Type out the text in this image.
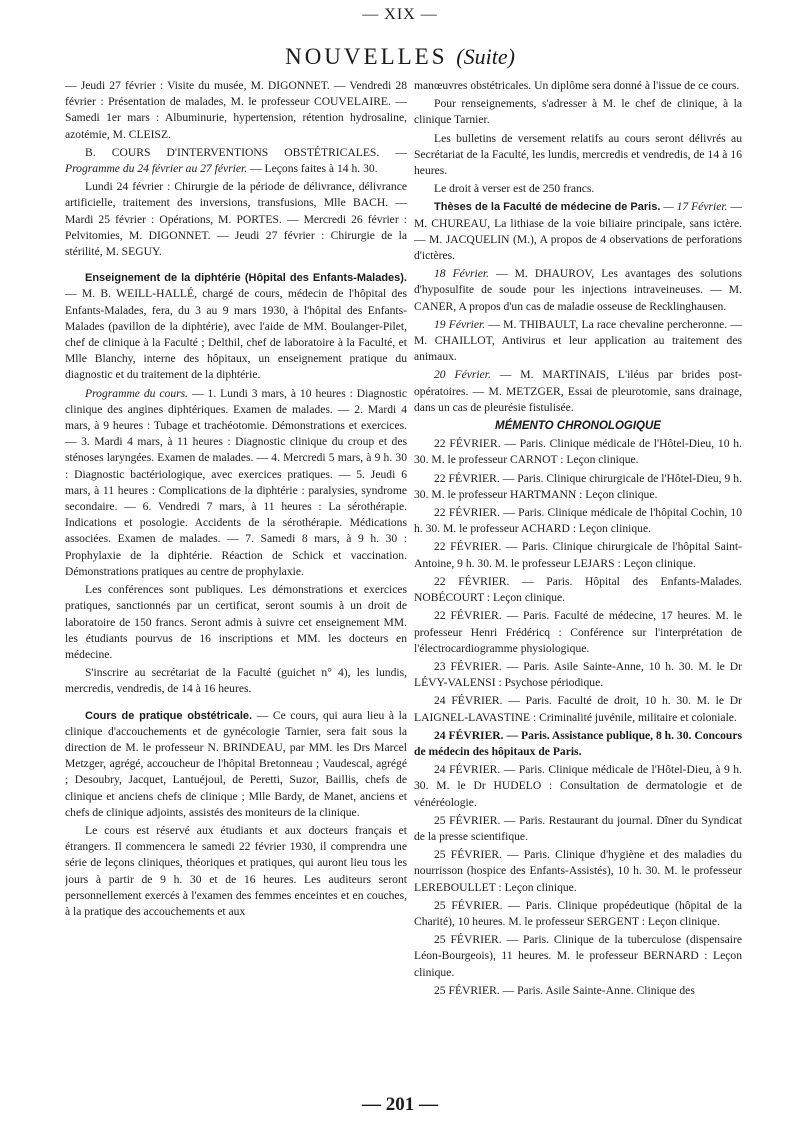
— XIX —
NOUVELLES (Suite)

— Jeudi 27 février : Visite du musée, M. DIGONNET. — Vendredi 28 février : Présentation de malades, M. le professeur COUVELAIRE. — Samedi 1er mars : Albuminurie, hypertension, rétention hydrosaline, azotémie, M. CLEISZ.

B. COURS D'INTERVENTIONS OBSTÉTRICALES. — Programme du 24 février au 27 février. — Leçons faites à 14 h. 30.

Lundi 24 février : Chirurgie de la période de délivrance, délivrance artificielle, traitement des inversions, transfusions, Mlle BACH. — Mardi 25 février : Opérations, M. PORTES. — Mercredi 26 février : Pelvitomies, M. DIGONNET. — Jeudi 27 février : Chirurgie de la stérilité, M. SEGUY.

Enseignement de la diphtérie (Hôpital des Enfants-Malades). — M. B. WEILL-HALLÉ, chargé de cours, médecin de l'hôpital des Enfants-Malades, fera, du 3 au 9 mars 1930, à l'hôpital des Enfants-Malades (pavillon de la diphtérie), avec l'aide de MM. Boulanger-Pilet, chef de clinique à la Faculté ; Delthil, chef de laboratoire à la Faculté, et Mlle Blanchy, interne des hôpitaux, un enseignement pratique du diagnostic et du traitement de la diphtérie.

Programme du cours. — 1. Lundi 3 mars, à 10 heures : Diagnostic clinique des angines diphtériques. Examen de malades. — 2. Mardi 4 mars, à 9 heures : Tubage et trachéotomie. Démonstrations et exercices. — 3. Mardi 4 mars, à 11 heures : Diagnostic clinique du croup et des sténoses laryngées. Examen de malades. — 4. Mercredi 5 mars, à 9 h. 30 : Diagnostic bactériologique, avec exercices pratiques. — 5. Jeudi 6 mars, à 11 heures : Complications de la diphtérie : paralysies, syndrome secondaire. — 6. Vendredi 7 mars, à 11 heures : La sérothérapie. Indications et posologie. Accidents de la sérothérapie. Médications associées. Examen de malades. — 7. Samedi 8 mars, à 9 h. 30 : Prophylaxie de la diphtérie. Réaction de Schick et vaccination. Démonstrations pratiques au centre de prophylaxie.

Les conférences sont publiques. Les démonstrations et exercices pratiques, sanctionnés par un certificat, seront soumis à un droit de laboratoire de 150 francs. Seront admis à suivre cet enseignement MM. les étudiants pourvus de 16 inscriptions et MM. les docteurs en médecine.

S'inscrire au secrétariat de la Faculté (guichet n° 4), les lundis, mercredis, vendredis, de 14 à 16 heures.

Cours de pratique obstétricale. — Ce cours, qui aura lieu à la clinique d'accouchements et de gynécologie Tarnier, sera fait sous la direction de M. le professeur N. BRINDEAU, par MM. les Drs Marcel Metzger, agrégé, accoucheur de l'hôpital Bretonneau ; Vaudescal, agrégé ; Desoubry, Jacquet, Lantuéjoul, de Peretti, Suzor, Baillis, chefs de clinique et anciens chefs de clinique ; Mlle Bardy, de Manet, anciens et chefs de clinique adjoints, assistés des moniteurs de la clinique.

Le cours est réservé aux étudiants et aux docteurs français et étrangers. Il commencera le samedi 22 février 1930, il comprendra une série de leçons cliniques, théoriques et pratiques, qui auront lieu tous les jours à partir de 9 h. 30 et de 16 heures. Les auditeurs seront personnellement exercés à l'examen des femmes enceintes et en couches, à la pratique des accouchements et aux

manœuvres obstétricales. Un diplôme sera donné à l'issue de ce cours.

Pour renseignements, s'adresser à M. le chef de clinique, à la clinique Tarnier.

Les bulletins de versement relatifs au cours seront délivrés au Secrétariat de la Faculté, les lundis, mercredis et vendredis, de 14 à 16 heures.

Le droit à verser est de 250 francs.

Thèses de la Faculté de médecine de Paris. — 17 Février. — M. CHUREAU, La lithiase de la voie biliaire principale, sans ictère. — M. JACQUELIN (M.), A propos de 4 observations de perforations d'ictères.

18 Février. — M. DHAUROV, Les avantages des solutions d'hyposulfite de soude pour les injections intraveineuses. — M. CANER, A propos d'un cas de maladie osseuse de Recklinghausen.

19 Février. — M. THIBAULT, La race chevaline percheronne. — M. CHAILLOT, Antivirus et leur application au traitement des animaux.

20 Février. — M. MARTINAIS, L'iléus par brides post-opératoires. — M. METZGER, Essai de pleurotomie, sans drainage, dans un cas de pleurésie fistulisée.

MÉMENTO CHRONOLOGIQUE

22 FÉVRIER. — Paris. Clinique médicale de l'Hôtel-Dieu, 10 h. 30. M. le professeur CARNOT : Leçon clinique.

22 FÉVRIER. — Paris. Clinique chirurgicale de l'Hôtel-Dieu, 9 h. 30. M. le professeur HARTMANN : Leçon clinique.

22 FÉVRIER. — Paris. Clinique médicale de l'hôpital Cochin, 10 h. 30. M. le professeur ACHARD : Leçon clinique.

22 FÉVRIER. — Paris. Clinique chirurgicale de l'hôpital Saint-Antoine, 9 h. 30. M. le professeur LEJARS : Leçon clinique.

22 FÉVRIER. — Paris. Hôpital des Enfants-Malades. NOBÉCOURT : Leçon clinique.

22 FÉVRIER. — Paris. Faculté de médecine, 17 heures. M. le professeur Henri Frédéricq : Conférence sur l'interprétation de l'électrocardiogramme physiologique.

23 FÉVRIER. — Paris. Asile Sainte-Anne, 10 h. 30. M. le Dr LÉVY-VALENSI : Psychose périodique.

24 FÉVRIER. — Paris. Faculté de droit, 10 h. 30. M. le Dr LAIGNEL-LAVASTINE : Criminalité juvénile, militaire et coloniale.

24 FÉVRIER. — Paris. Assistance publique, 8 h. 30. Concours de médecin des hôpitaux de Paris.

24 FÉVRIER. — Paris. Clinique médicale de l'Hôtel-Dieu, à 9 h. 30. M. le Dr HUDELO : Consultation de dermatologie et de vénéréologie.

25 FÉVRIER. — Paris. Restaurant du journal. Dîner du Syndicat de la presse scientifique.

25 FÉVRIER. — Paris. Clinique d'hygiène et des maladies du nourrisson (hospice des Enfants-Assistés), 10 h. 30. M. le professeur LEREBOULLET : Leçon clinique.

25 FÉVRIER. — Paris. Clinique propédeutique (hôpital de la Charité), 10 heures. M. le professeur SERGENT : Leçon clinique.

25 FÉVRIER. — Paris. Clinique de la tuberculose (dispensaire Léon-Bourgeois), 11 heures. M. le professeur BERNARD : Leçon clinique.

25 FÉVRIER. — Paris. Asile Sainte-Anne. Clinique des

— 201 —
